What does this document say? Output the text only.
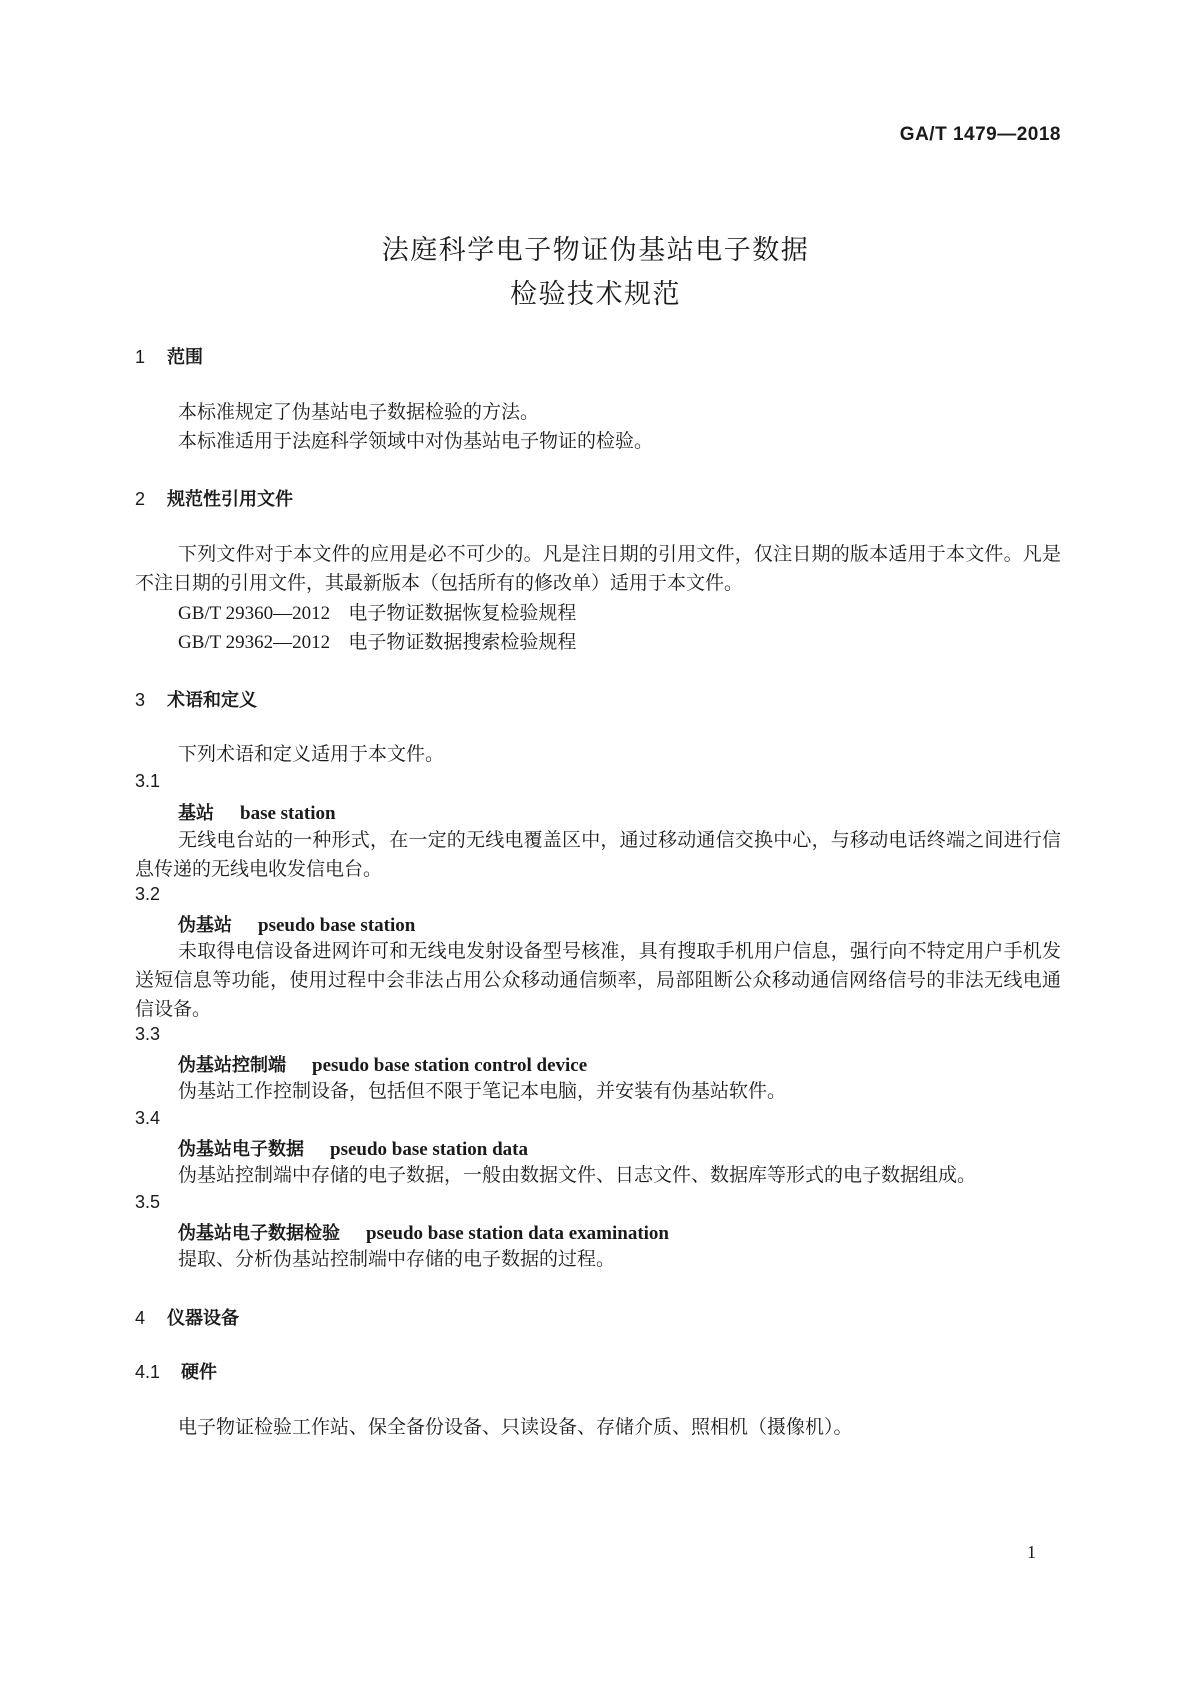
GA/T 1479—2018
法庭科学电子物证伪基站电子数据
检验技术规范
1 范围

本标准规定了伪基站电子数据检验的方法。

本标准适用于法庭科学领域中对伪基站电子物证的检验。

2 规范性引用文件

下列文件对于本文件的应用是必不可少的。凡是注日期的引用文件，仅注日期的版本适用于本文件。凡是不注日期的引用文件，其最新版本（包括所有的修改单）适用于本文件。

GB/T 29360—2012 电子物证数据恢复检验规程
GB/T 29362—2012 电子物证数据搜索检验规程
3 术语和定义

下列术语和定义适用于本文件。

3.1
基站 base station

无线电台站的一种形式，在一定的无线电覆盖区中，通过移动通信交换中心，与移动电话终端之间进行信息传递的无线电收发信电台。

3.2
伪基站 pseudo base station

未取得电信设备进网许可和无线电发射设备型号核准，具有搜取手机用户信息，强行向不特定用户手机发送短信息等功能，使用过程中会非法占用公众移动通信频率，局部阻断公众移动通信网络信号的非法无线电通信设备。

3.3
伪基站控制端 pesudo base station control device

伪基站工作控制设备，包括但不限于笔记本电脑，并安装有伪基站软件。

3.4
伪基站电子数据 pseudo base station data

伪基站控制端中存储的电子数据，一般由数据文件、日志文件、数据库等形式的电子数据组成。

3.5
伪基站电子数据检验 pseudo base station data examination

提取、分析伪基站控制端中存储的电子数据的过程。

4 仪器设备
4.1 硬件

电子物证检验工作站、保全备份设备、只读设备、存储介质、照相机（摄像机）。

1
